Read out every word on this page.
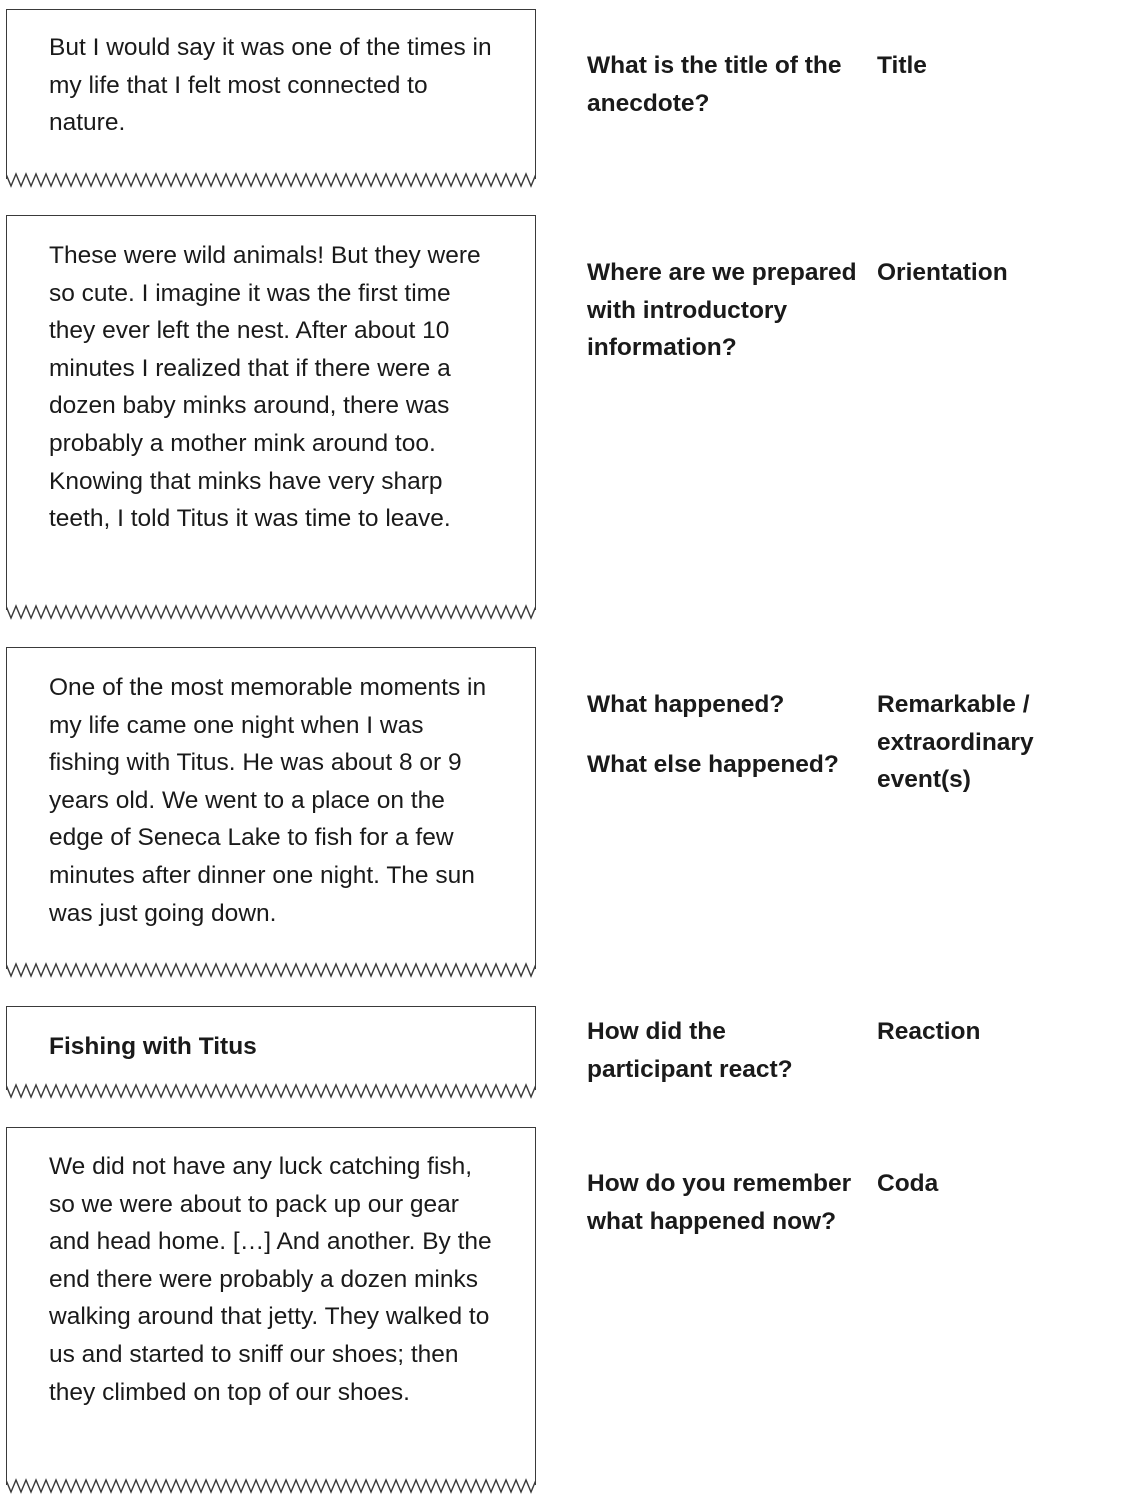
But I would say it was one of the times in my life that I felt most connected to nature.

These were wild animals! But they were so cute. I imagine it was the first time they ever left the nest. After about 10 minutes I realized that if there were a dozen baby minks around, there was probably a mother mink around too. Knowing that minks have very sharp teeth, I told Titus it was time to leave.

One of the most memorable moments in my life came one night when I was fishing with Titus. He was about 8 or 9 years old. We went to a place on the edge of Seneca Lake to fish for a few minutes after dinner one night. The sun was just going down.

Fishing with Titus

We did not have any luck catching fish, so we were about to pack up our gear and head home. […] And another. By the end there were probably a dozen minks walking around that jetty. They walked to us and started to sniff our shoes; then they climbed on top of our shoes.

What is the title of the anecdote?

Where are we prepared with introductory information?

What happened?
What else happened?

How did the participant react?

How do you remember what happened now?

Title

Orientation

Remarkable / extraordinary event(s)

Reaction

Coda
